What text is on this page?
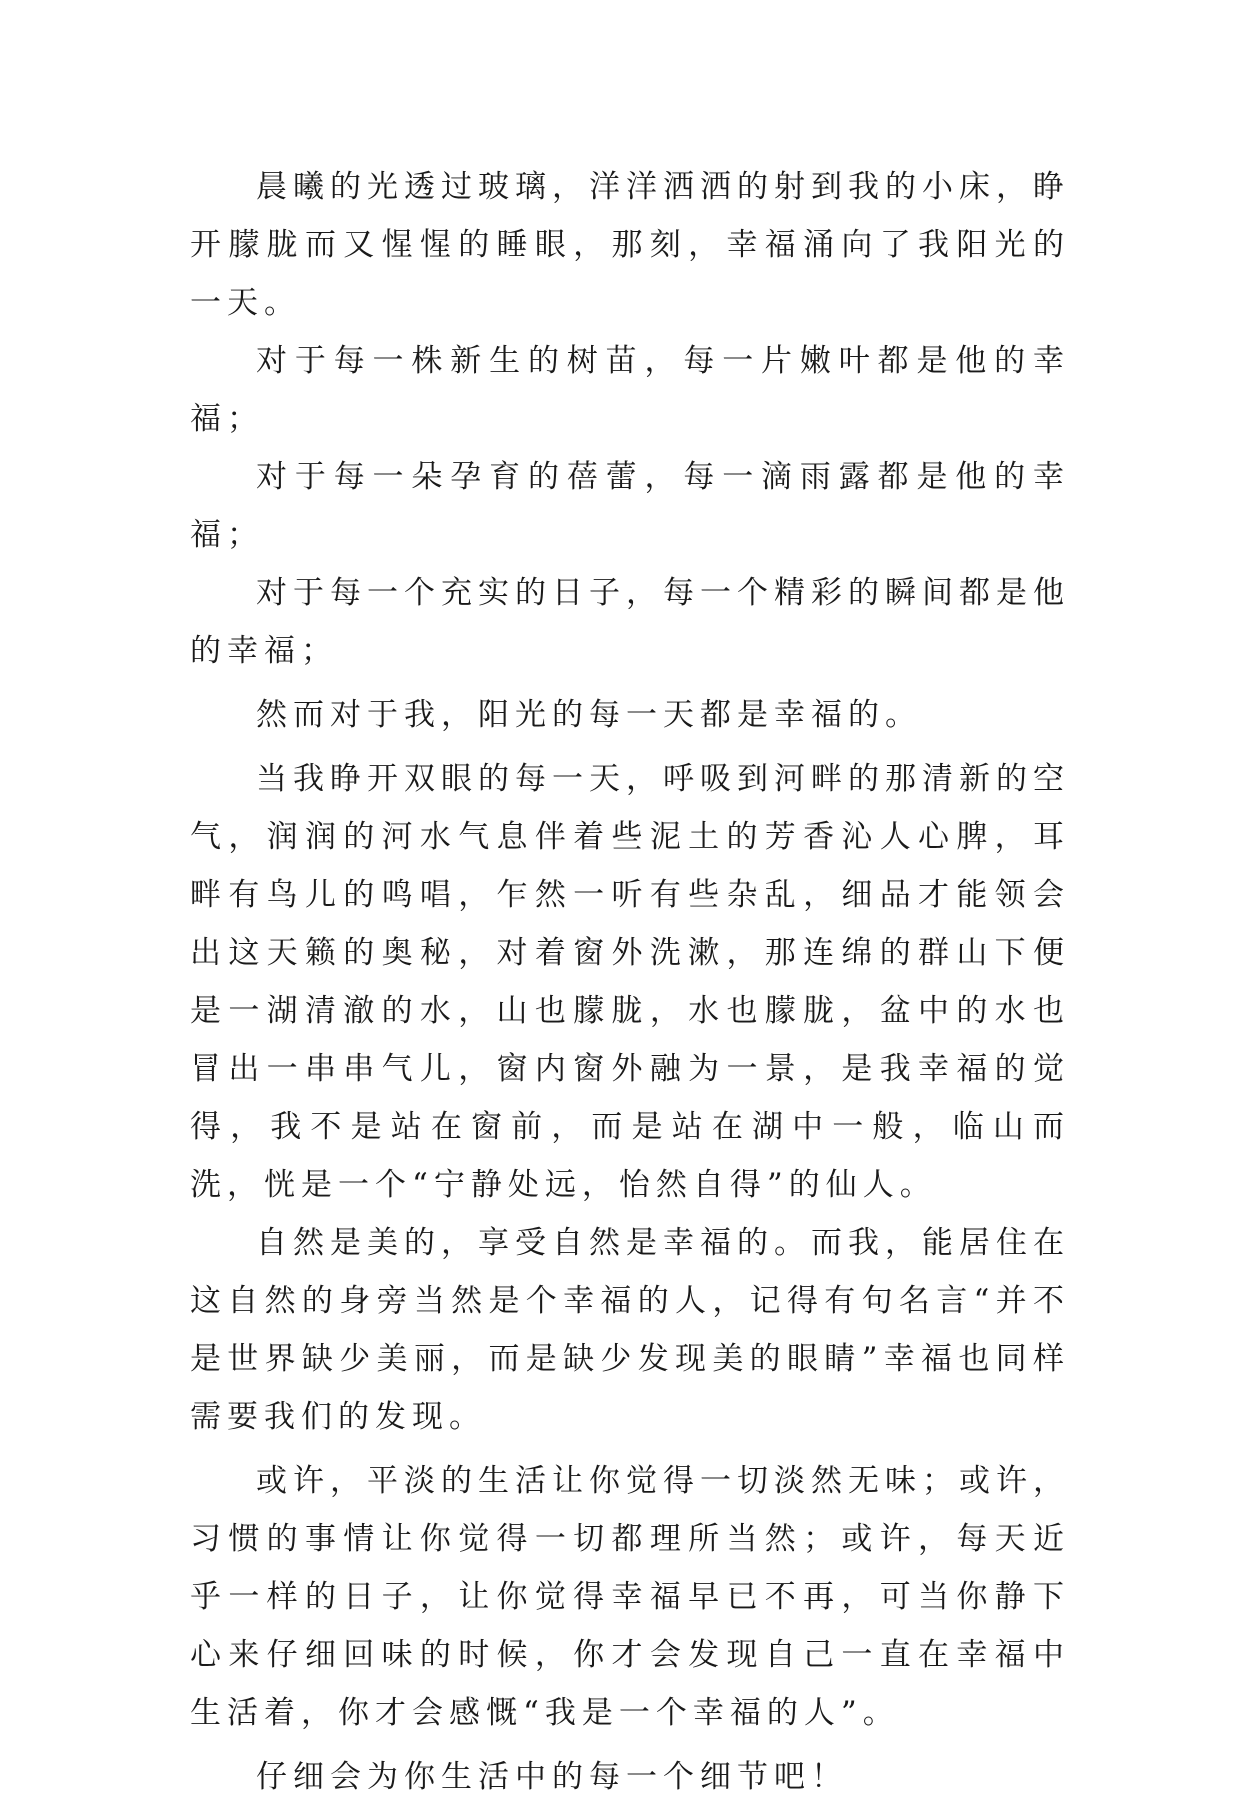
晨曦的光透过玻璃，洋洋洒洒的射到我的小床，睁开朦胧而又惺惺的睡眼，那刻，幸福涌向了我阳光的一天。

对于每一株新生的树苗，每一片嫩叶都是他的幸福；

对于每一朵孕育的蓓蕾，每一滴雨露都是他的幸福；

对于每一个充实的日子，每一个精彩的瞬间都是他的幸福；

然而对于我，阳光的每一天都是幸福的。

当我睁开双眼的每一天，呼吸到河畔的那清新的空气，润润的河水气息伴着些泥土的芳香沁人心脾，耳畔有鸟儿的鸣唱，乍然一听有些杂乱，细品才能领会出这天籁的奥秘，对着窗外洗漱，那连绵的群山下便是一湖清澈的水，山也朦胧，水也朦胧，盆中的水也冒出一串串气儿，窗内窗外融为一景，是我幸福的觉得，我不是站在窗前，而是站在湖中一般，临山而洗，恍是一个“宁静处远，怡然自得”的仙人。

自然是美的，享受自然是幸福的。而我，能居住在这自然的身旁当然是个幸福的人，记得有句名言“并不是世界缺少美丽，而是缺少发现美的眼睛”幸福也同样需要我们的发现。

或许，平淡的生活让你觉得一切淡然无味；或许，习惯的事情让你觉得一切都理所当然；或许，每天近乎一样的日子，让你觉得幸福早已不再，可当你静下心来仔细回味的时候，你才会发现自己一直在幸福中生活着，你才会感慨“我是一个幸福的人”。

仔细会为你生活中的每一个细节吧！
